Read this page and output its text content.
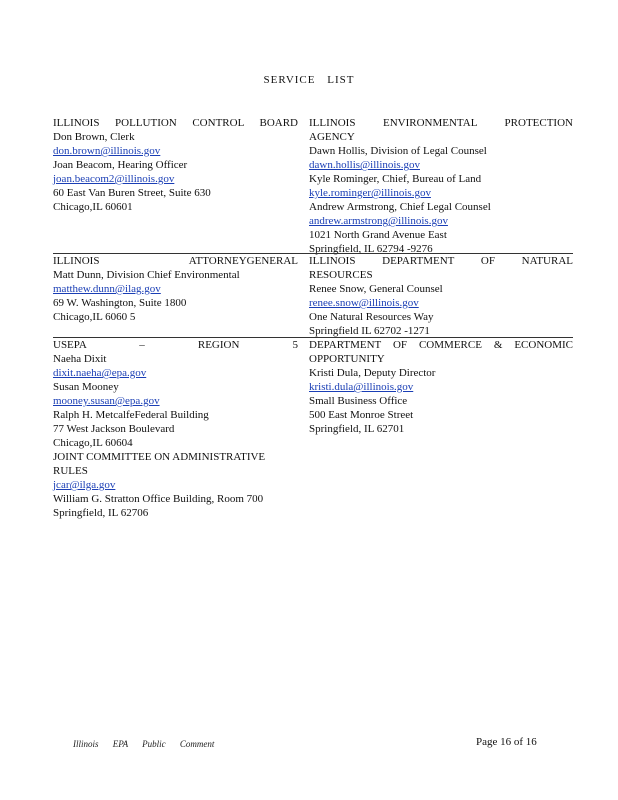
SERVICE LIST
ILLINOIS POLLUTION CONTROL BOARD
Don Brown, Clerk
don.brown@illinois.gov
Joan Beacom, Hearing Officer
joan.beacom2@illinois.gov
60 East Van Buren Street, Suite 630
Chicago,IL 60601
ILLINOIS ENVIRONMENTAL PROTECTION
AGENCY
Dawn Hollis, Division of Legal Counsel
dawn.hollis@illinois.gov
Kyle Rominger, Chief, Bureau of Land
kyle.rominger@illinois.gov
Andrew Armstrong, Chief Legal Counsel
andrew.armstrong@illinois.gov
1021 North Grand Avenue East
Springfield, IL 62794 -9276
ILLINOIS ATTORNEYGENERAL
Matt Dunn, Division Chief Environmental
matthew.dunn@ilag.gov
69 W. Washington, Suite 1800
Chicago,IL 6060 5
ILLINOIS DEPARTMENT OF NATURAL
RESOURCES
Renee Snow, General Counsel
renee.snow@illinois.gov
One Natural Resources Way
Springfield IL 62702 -1271
USEPA – REGION 5
Naeha Dixit
dixit.naeha@epa.gov
Susan Mooney
mooney.susan@epa.gov
Ralph H. MetcalfeFederal Building
77 West Jackson Boulevard
Chicago,IL 60604
JOINT COMMITTEE ON ADMINISTRATIVE
RULES
jcar@ilga.gov
William G. Stratton Office Building, Room 700
Springfield, IL 62706
DEPARTMENT OF COMMERCE & ECONOMIC
OPPORTUNITY
Kristi Dula, Deputy Director
kristi.dula@illinois.gov
Small Business Office
500 East Monroe Street
Springfield, IL 62701
Illinois EPA Public Comment	Page 16 of 16
